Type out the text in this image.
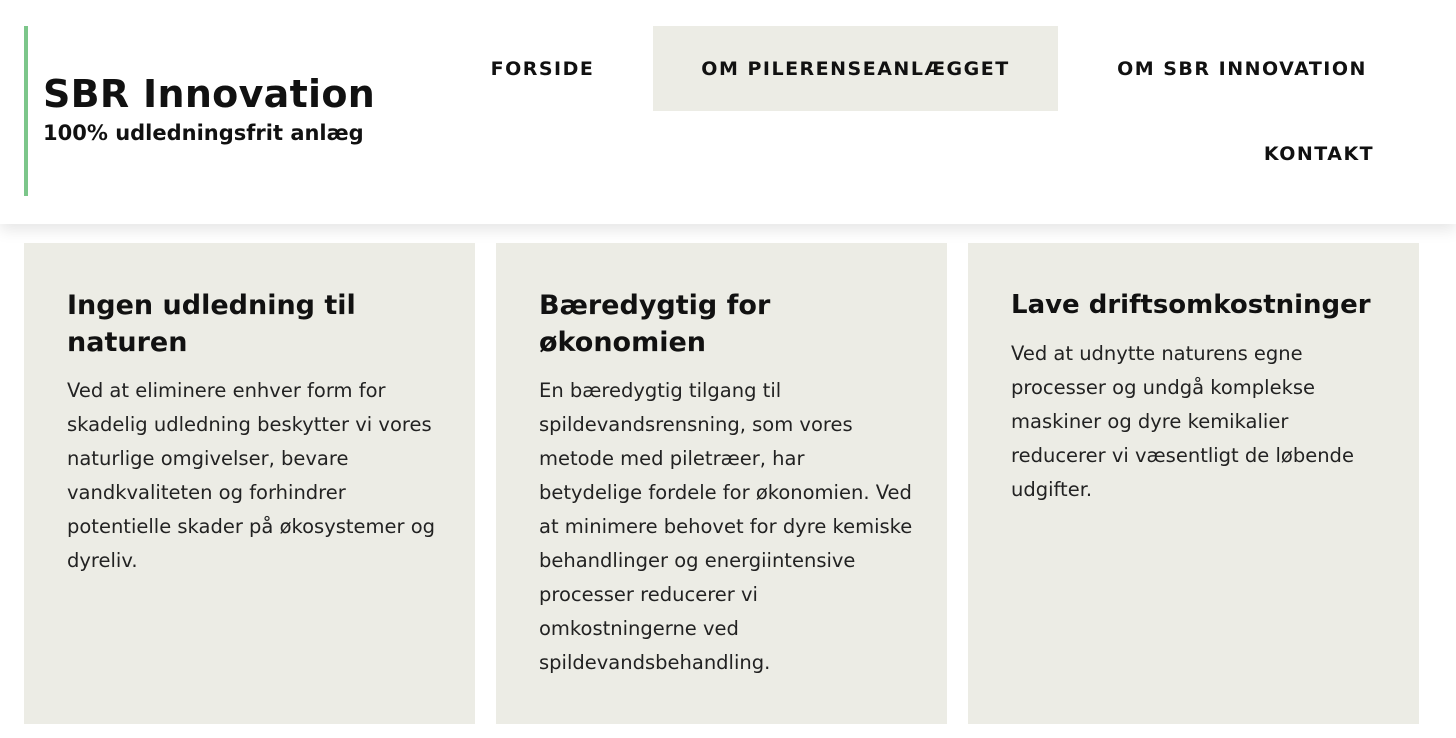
SBR Innovation
100% udledningsfrit anlæg
FORSIDE	OM PILERENSEANLÆGGET	OM SBR INNOVATION
KONTAKT
Ingen udledning til naturen

Ved at eliminere enhver form for skadelig udledning beskytter vi vores naturlige omgivelser, bevare vandkvaliteten og forhindrer potentielle skader på økosystemer og dyreliv.

Bæredygtig for økonomien

En bæredygtig tilgang til spildevandsrensning, som vores metode med piletræer, har betydelige fordele for økonomien. Ved at minimere behovet for dyre kemiske behandlinger og energiintensive processer reducerer vi omkostningerne ved spildevandsbehandling.

Lave driftsomkostninger

Ved at udnytte naturens egne processer og undgå komplekse maskiner og dyre kemikalier reducerer vi væsentligt de løbende udgifter.
